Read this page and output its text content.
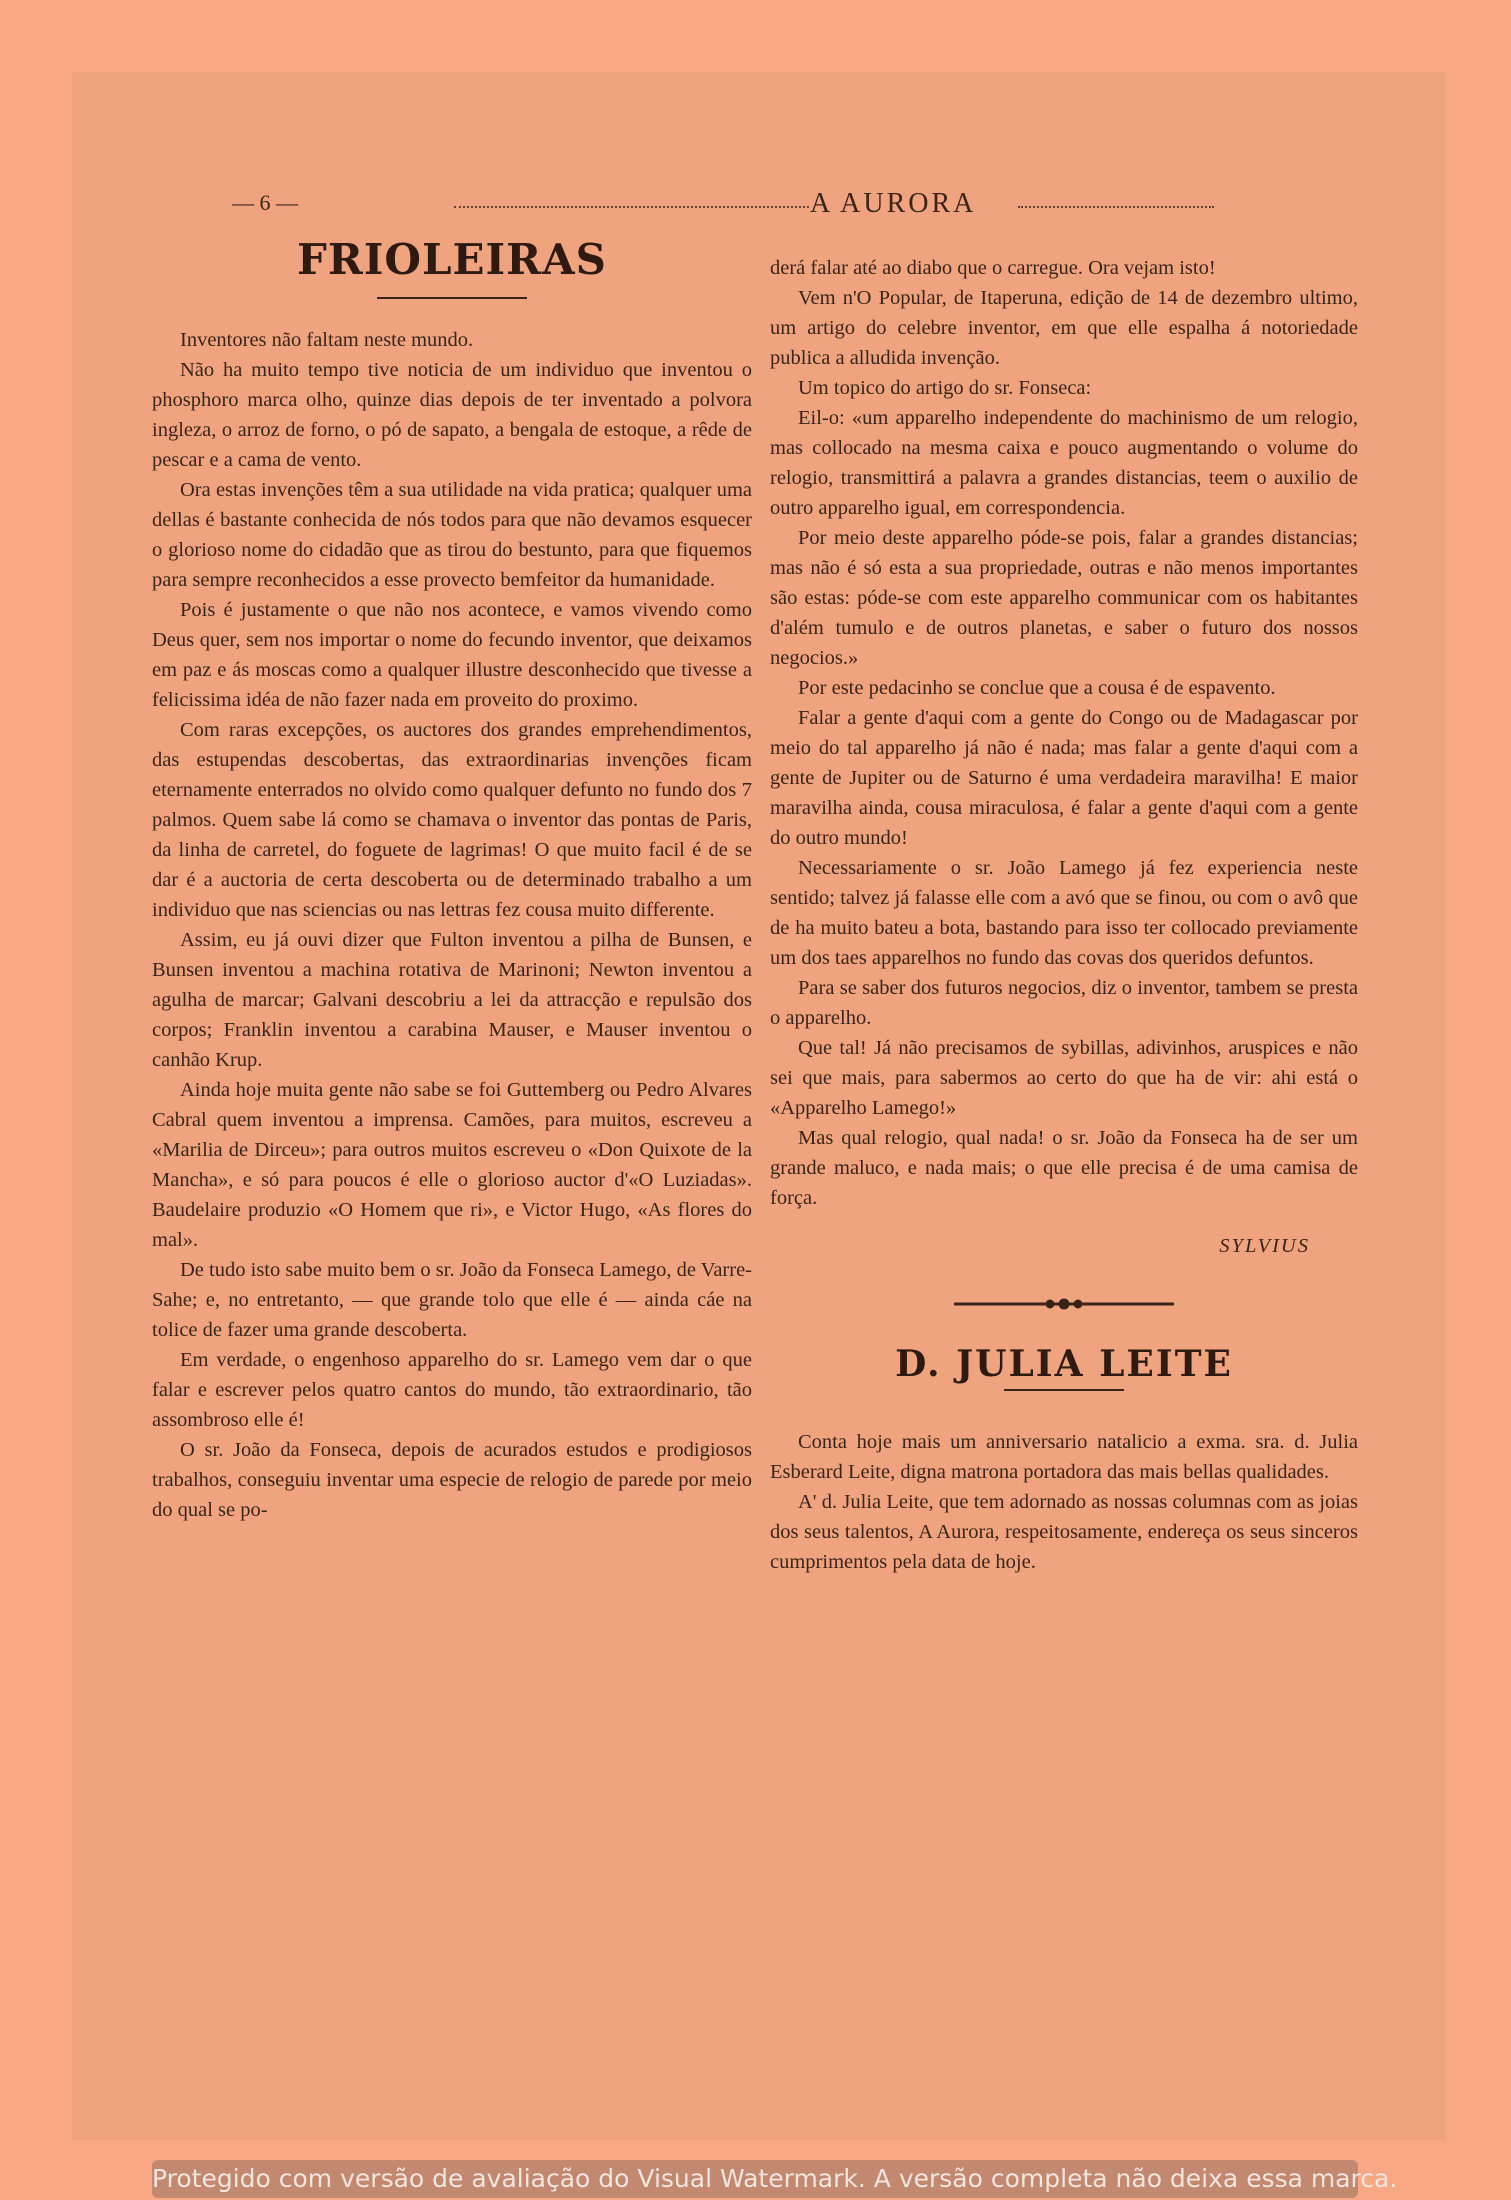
— 6 —	A AURORA
FRIOLEIRAS

Inventores não faltam neste mundo.

Não ha muito tempo tive noticia de um individuo que inventou o phosphoro marca olho, quinze dias depois de ter inventado a polvora ingleza, o arroz de forno, o pó de sapato, a bengala de estoque, a rêde de pescar e a cama de vento.

Ora estas invenções têm a sua utilidade na vida pratica; qualquer uma dellas é bastante conhecida de nós todos para que não devamos esquecer o glorioso nome do cidadão que as tirou do bestunto, para que fiquemos para sempre reconhecidos a esse provecto bemfeitor da humanidade.

Pois é justamente o que não nos acontece, e vamos vivendo como Deus quer, sem nos importar o nome do fecundo inventor, que deixamos em paz e ás moscas como a qualquer illustre desconhecido que tivesse a felicissima idéa de não fazer nada em proveito do proximo.

Com raras excepções, os auctores dos grandes emprehendimentos, das estupendas descobertas, das extraordinarias invenções ficam eternamente enterrados no olvido como qualquer defunto no fundo dos 7 palmos. Quem sabe lá como se chamava o inventor das pontas de Paris, da linha de carretel, do foguete de lagrimas! O que muito facil é de se dar é a auctoria de certa descoberta ou de determinado trabalho a um individuo que nas sciencias ou nas lettras fez cousa muito differente.

Assim, eu já ouvi dizer que Fulton inventou a pilha de Bunsen, e Bunsen inventou a machina rotativa de Marinoni; Newton inventou a agulha de marcar; Galvani descobriu a lei da attracção e repulsão dos corpos; Franklin inventou a carabina Mauser, e Mauser inventou o canhão Krup.

Ainda hoje muita gente não sabe se foi Guttemberg ou Pedro Alvares Cabral quem inventou a imprensa. Camões, para muitos, escreveu a «Marilia de Dirceu»; para outros muitos escreveu o «Don Quixote de la Mancha», e só para poucos é elle o glorioso auctor d'«O Luziadas». Baudelaire produzio «O Homem que ri», e Victor Hugo, «As flores do mal».

De tudo isto sabe muito bem o sr. João da Fonseca Lamego, de Varre-Sahe; e, no entretanto, — que grande tolo que elle é — ainda cáe na tolice de fazer uma grande descoberta.

Em verdade, o engenhoso apparelho do sr. Lamego vem dar o que falar e escrever pelos quatro cantos do mundo, tão extraordinario, tão assombroso elle é!

O sr. João da Fonseca, depois de acurados estudos e prodigiosos trabalhos, conseguiu inventar uma especie de relogio de parede por meio do qual se po-

derá falar até ao diabo que o carregue. Ora vejam isto!

Vem n'O Popular, de Itaperuna, edição de 14 de dezembro ultimo, um artigo do celebre inventor, em que elle espalha á notoriedade publica a alludida invenção.

Um topico do artigo do sr. Fonseca:

Eil-o: «um apparelho independente do machinismo de um relogio, mas collocado na mesma caixa e pouco augmentando o volume do relogio, transmittirá a palavra a grandes distancias, teem o auxilio de outro apparelho igual, em correspondencia.

Por meio deste apparelho póde-se pois, falar a grandes distancias; mas não é só esta a sua propriedade, outras e não menos importantes são estas: póde-se com este apparelho communicar com os habitantes d'além tumulo e de outros planetas, e saber o futuro dos nossos negocios.»

Por este pedacinho se conclue que a cousa é de espavento.

Falar a gente d'aqui com a gente do Congo ou de Madagascar por meio do tal apparelho já não é nada; mas falar a gente d'aqui com a gente de Jupiter ou de Saturno é uma verdadeira maravilha! E maior maravilha ainda, cousa miraculosa, é falar a gente d'aqui com a gente do outro mundo!

Necessariamente o sr. João Lamego já fez experiencia neste sentido; talvez já falasse elle com a avó que se finou, ou com o avô que de ha muito bateu a bota, bastando para isso ter collocado previamente um dos taes apparelhos no fundo das covas dos queridos defuntos.

Para se saber dos futuros negocios, diz o inventor, tambem se presta o apparelho.

Que tal! Já não precisamos de sybillas, adivinhos, aruspices e não sei que mais, para sabermos ao certo do que ha de vir: ahi está o «Apparelho Lamego!»

Mas qual relogio, qual nada! o sr. João da Fonseca ha de ser um grande maluco, e nada mais; o que elle precisa é de uma camisa de força.

SYLVIUS
D. JULIA LEITE

Conta hoje mais um anniversario natalicio a exma. sra. d. Julia Esberard Leite, digna matrona portadora das mais bellas qualidades.

A' d. Julia Leite, que tem adornado as nossas columnas com as joias dos seus talentos, A Aurora, respeitosamente, endereça os seus sinceros cumprimentos pela data de hoje.

Protegido com versão de avaliação do Visual Watermark. A versão completa não deixa essa marca.
